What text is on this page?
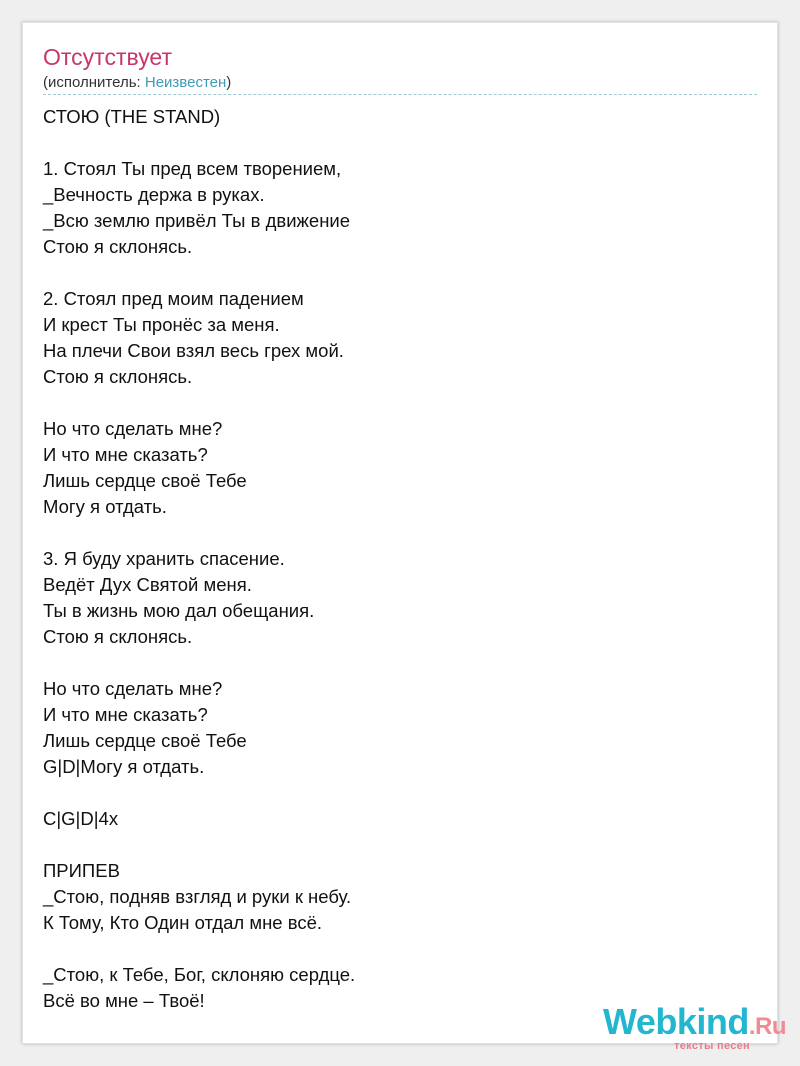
Отсутствует
(исполнитель: Неизвестен)
СТОЮ (THE STAND)
1. Стоял Ты пред всем творением,
_Вечность держа в руках.
_Всю землю привёл Ты в движение
Стою я склонясь.
2. Стоял пред моим падением
И крест Ты пронёс за меня.
На плечи Свои взял весь грех мой.
Стою я склонясь.
Но что сделать мне?
И что мне сказать?
Лишь сердце своё Тебе
Могу я отдать.
3. Я буду хранить спасение.
Ведёт Дух Святой меня.
Ты в жизнь мою дал обещания.
Стою я склонясь.
Но что сделать мне?
И что мне сказать?
Лишь сердце своё Тебе
G|D|Могу я отдать.
C|G|D|4x
ПРИПЕВ
_Стою, подняв взгляд и руки к небу.
К Тому, Кто Один отдал мне всё.
_Стою, к Тебе, Бог, склоняю сердце.
Всё во мне – Твоё!
Webkind.Ru
тексты песен
